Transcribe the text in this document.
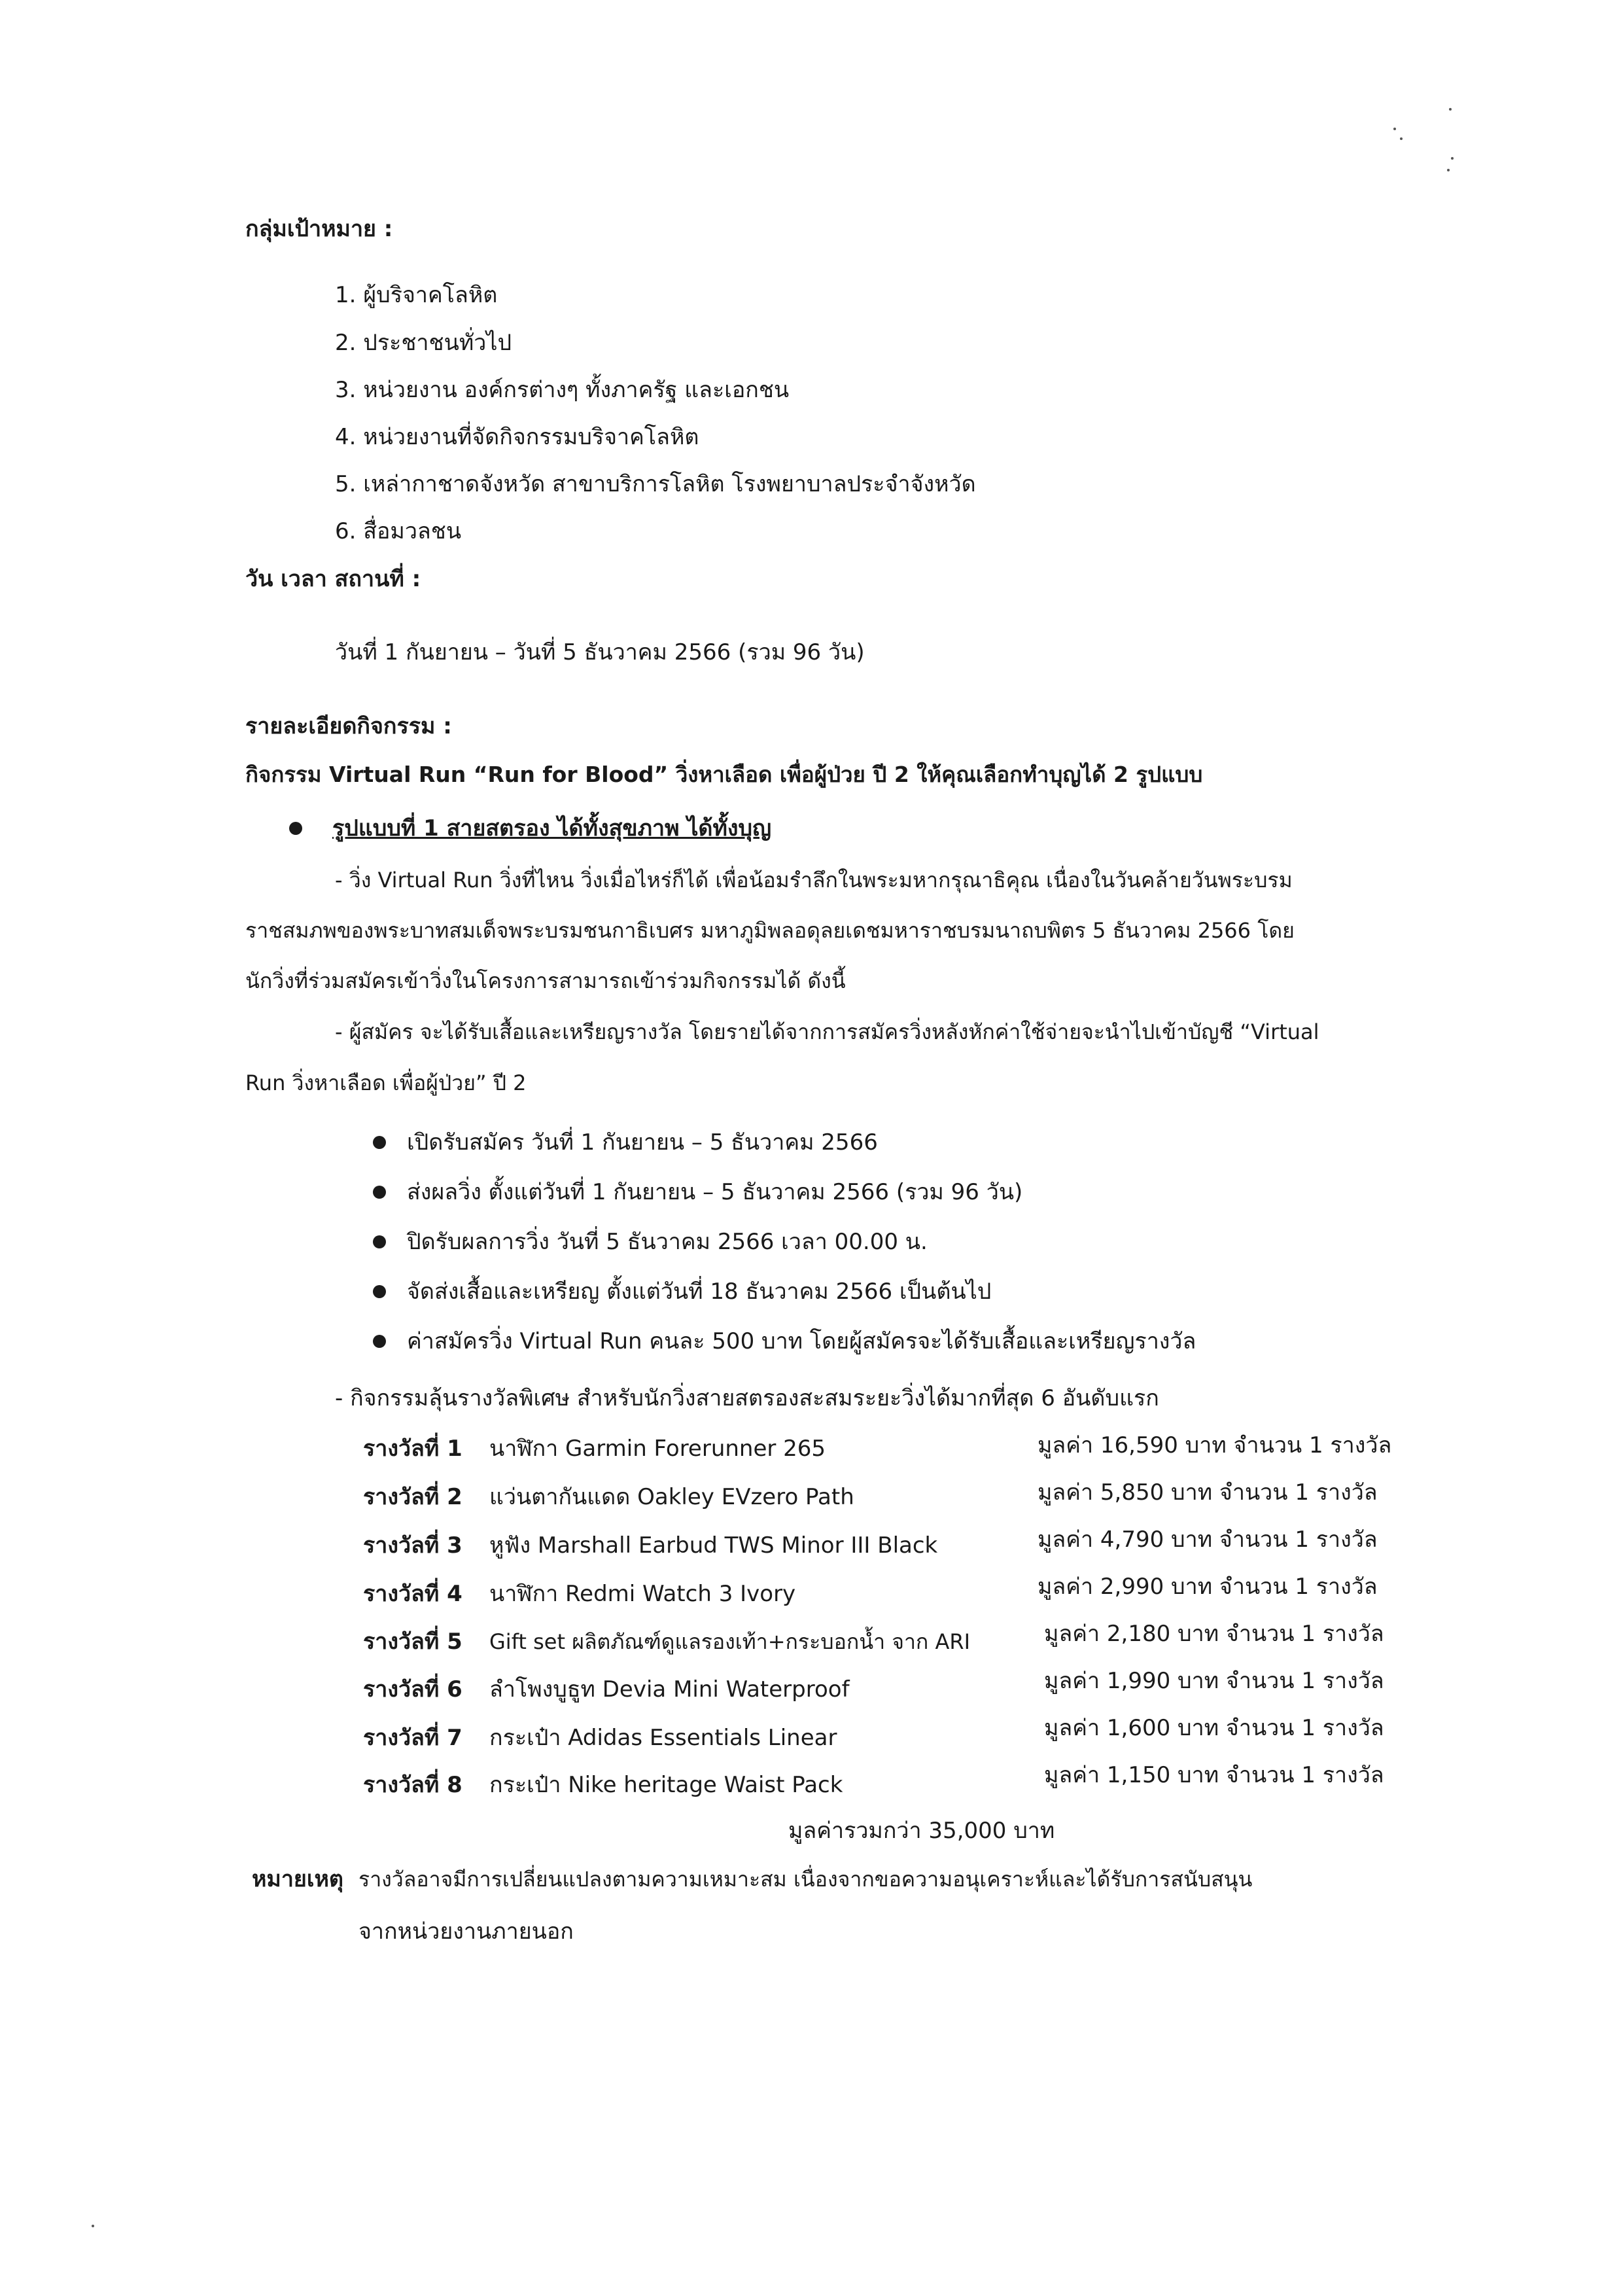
กลุ่มเป้าหมาย :
1. ผู้บริจาคโลหิต
2. ประชาชนทั่วไป
3. หน่วยงาน องค์กรต่างๆ ทั้งภาครัฐ และเอกชน
4. หน่วยงานที่จัดกิจกรรมบริจาคโลหิต
5. เหล่ากาชาดจังหวัด สาขาบริการโลหิต โรงพยาบาลประจำจังหวัด
6. สื่อมวลชน
วัน เวลา สถานที่ :
วันที่ 1 กันยายน – วันที่ 5 ธันวาคม 2566 (รวม 96 วัน)
รายละเอียดกิจกรรม :
กิจกรรม Virtual Run “Run for Blood” วิ่งหาเลือด เพื่อผู้ป่วย ปี 2 ให้คุณเลือกทำบุญได้ 2 รูปแบบ
รูปแบบที่ 1 สายสตรอง ได้ทั้งสุขภาพ ได้ทั้งบุญ
- วิ่ง Virtual Run วิ่งที่ไหน วิ่งเมื่อไหร่ก็ได้ เพื่อน้อมรำลึกในพระมหากรุณาธิคุณ เนื่องในวันคล้ายวันพระบรม
ราชสมภพของพระบาทสมเด็จพระบรมชนกาธิเบศร มหาภูมิพลอดุลยเดชมหาราชบรมนาถบพิตร 5 ธันวาคม 2566 โดย
นักวิ่งที่ร่วมสมัครเข้าวิ่งในโครงการสามารถเข้าร่วมกิจกรรมได้ ดังนี้
- ผู้สมัคร จะได้รับเสื้อและเหรียญรางวัล โดยรายได้จากการสมัครวิ่งหลังหักค่าใช้จ่ายจะนำไปเข้าบัญชี “Virtual
Run วิ่งหาเลือด เพื่อผู้ป่วย” ปี 2
เปิดรับสมัคร วันที่ 1 กันยายน – 5 ธันวาคม 2566
ส่งผลวิ่ง ตั้งแต่วันที่ 1 กันยายน – 5 ธันวาคม 2566 (รวม 96 วัน)
ปิดรับผลการวิ่ง วันที่ 5 ธันวาคม 2566 เวลา 00.00 น.
จัดส่งเสื้อและเหรียญ ตั้งแต่วันที่ 18 ธันวาคม 2566 เป็นต้นไป
ค่าสมัครวิ่ง Virtual Run คนละ 500 บาท โดยผู้สมัครจะได้รับเสื้อและเหรียญรางวัล
- กิจกรรมลุ้นรางวัลพิเศษ สำหรับนักวิ่งสายสตรองสะสมระยะวิ่งได้มากที่สุด 6 อันดับแรก
รางวัลที่ 1 นาฬิกา Garmin Forerunner 265	มูลค่า 16,590 บาท จำนวน 1 รางวัล
รางวัลที่ 2 แว่นตากันแดด Oakley EVzero Path	มูลค่า 5,850 บาท จำนวน 1 รางวัล
รางวัลที่ 3 หูฟัง Marshall Earbud TWS Minor III Black	มูลค่า 4,790 บาท จำนวน 1 รางวัล
รางวัลที่ 4 นาฬิกา Redmi Watch 3 Ivory	มูลค่า 2,990 บาท จำนวน 1 รางวัล
รางวัลที่ 5 Gift set ผลิตภัณฑ์ดูแลรองเท้า+กระบอกน้ำ จาก ARI	มูลค่า 2,180 บาท จำนวน 1 รางวัล
รางวัลที่ 6 ลำโพงบูธูท Devia Mini Waterproof	มูลค่า 1,990 บาท จำนวน 1 รางวัล
รางวัลที่ 7 กระเป๋า Adidas Essentials Linear	มูลค่า 1,600 บาท จำนวน 1 รางวัล
รางวัลที่ 8 กระเป๋า Nike heritage Waist Pack	มูลค่า 1,150 บาท จำนวน 1 รางวัล
มูลค่ารวมกว่า 35,000 บาท
หมายเหตุ รางวัลอาจมีการเปลี่ยนแปลงตามความเหมาะสม เนื่องจากขอความอนุเคราะห์และได้รับการสนับสนุน
จากหน่วยงานภายนอก
